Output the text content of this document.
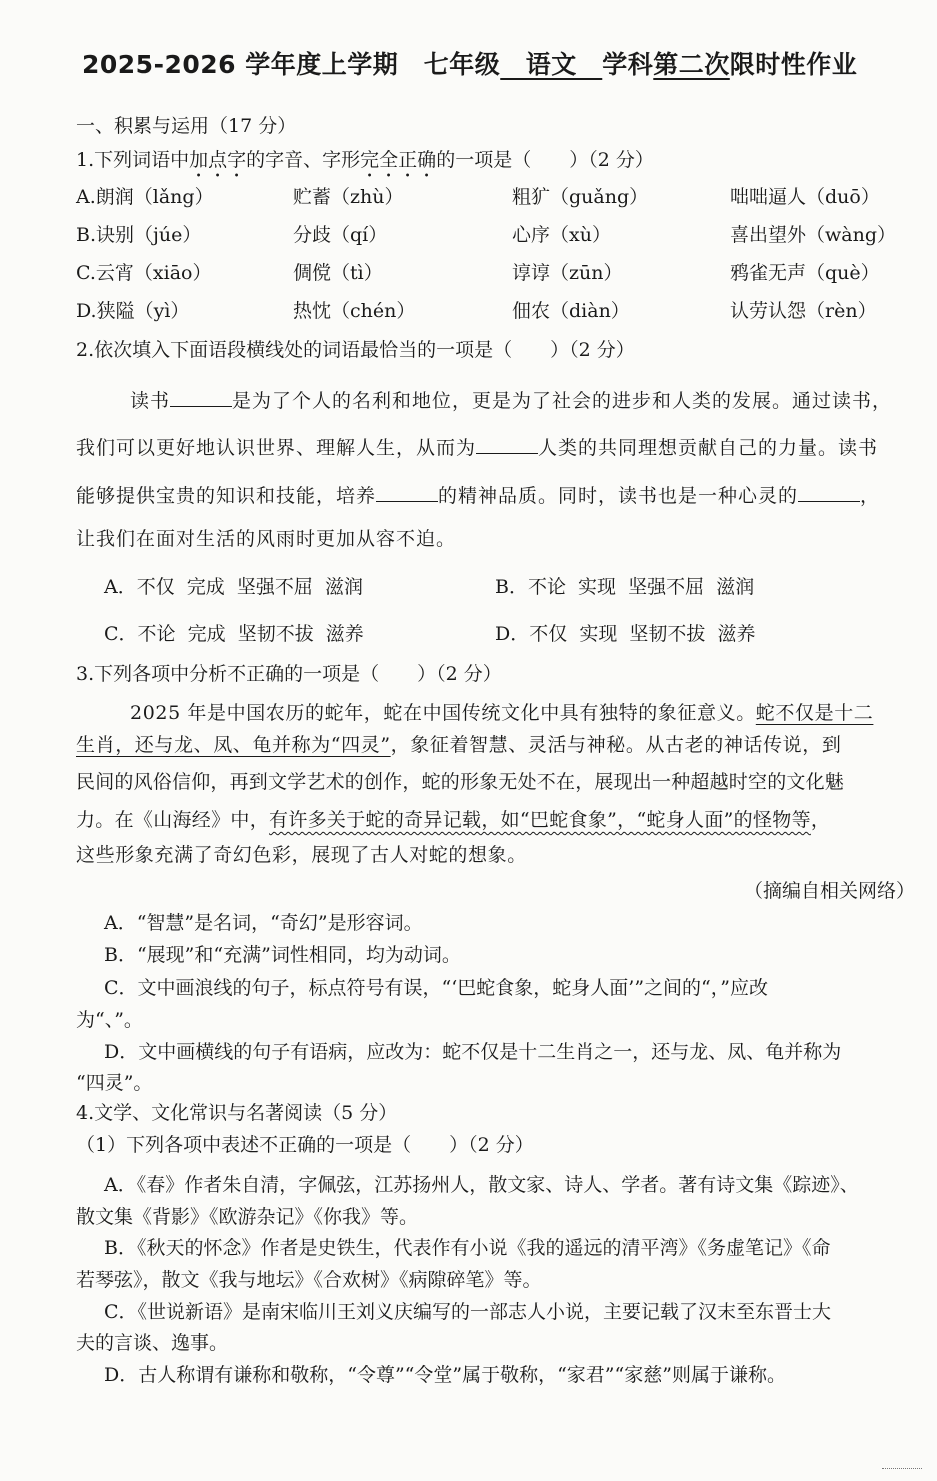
2025-2026 学年度上学期　七年级　语文　学科第二次限时性作业
一、积累与运用（17 分）
1.下列词语中加点字的字音、字形完全正确的一项是（　　）（2 分）
A.朗润（lǎng）	贮蓄（zhù）	粗犷（guǎng）	咄咄逼人（duō）
B.诀别（júe）	分歧（qí）	心序（xù）	喜出望外（wàng）
C.云宵（xiāo）	倜傥（tì）	谆谆（zūn）	鸦雀无声（què）
D.狭隘（yì）	热忱（chén）	佃农（diàn）	认劳认怨（rèn）
2.依次填入下面语段横线处的词语最恰当的一项是（　　）（2 分）
读书	是为了个人的名利和地位，更是为了社会的进步和人类的发展。通过读书，
我们可以更好地认识世界、理解人生，从而为	人类的共同理想贡献自己的力量。读书
能够提供宝贵的知识和技能，培养	的精神品质。同时，读书也是一种心灵的	，
让我们在面对生活的风雨时更加从容不迫。
A．不仅  完成  坚强不屈  滋润	B．不论  实现  坚强不屈  滋润
C．不论  完成  坚韧不拔  滋养	D．不仅  实现  坚韧不拔  滋养
3.下列各项中分析不正确的一项是（　　）（2 分）
2025 年是中国农历的蛇年，蛇在中国传统文化中具有独特的象征意义。蛇不仅是十二
生肖，还与龙、凤、龟并称为“四灵”，象征着智慧、灵活与神秘。从古老的神话传说，到
民间的风俗信仰，再到文学艺术的创作，蛇的形象无处不在，展现出一种超越时空的文化魅
力。在《山海经》中，有许多关于蛇的奇异记载，如“巴蛇食象”，“蛇身人面”的怪物等，
这些形象充满了奇幻色彩，展现了古人对蛇的想象。
（摘编自相关网络）
A．“智慧”是名词，“奇幻”是形容词。
B．“展现”和“充满”词性相同，均为动词。
C．文中画浪线的句子，标点符号有误，“‘巴蛇食象，蛇身人面’”之间的“，”应改
为“、”。
D．文中画横线的句子有语病，应改为：蛇不仅是十二生肖之一，还与龙、凤、龟并称为
“四灵”。
4.文学、文化常识与名著阅读（5 分）
（1）下列各项中表述不正确的一项是（　　）（2 分）
A．《春》作者朱自清，字佩弦，江苏扬州人，散文家、诗人、学者。著有诗文集《踪迹》、
散文集《背影》《欧游杂记》《你我》等。
B．《秋天的怀念》作者是史铁生，代表作有小说《我的遥远的清平湾》《务虚笔记》《命
若琴弦》，散文《我与地坛》《合欢树》《病隙碎笔》等。
C．《世说新语》是南宋临川王刘义庆编写的一部志人小说，主要记载了汉末至东晋士大
夫的言谈、逸事。
D．古人称谓有谦称和敬称，“令尊”“令堂”属于敬称，“家君”“家慈”则属于谦称。
